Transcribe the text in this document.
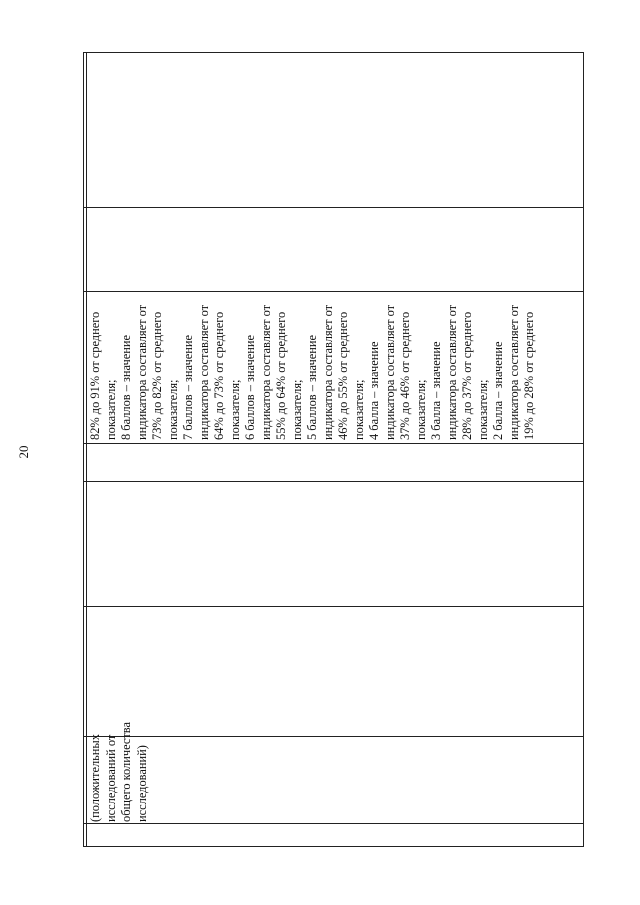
20
(положительных исследований от общего количества исследований)
82% до 91% от среднего показателя; 8 баллов – значение индикатора составляет от 73% до 82% от среднего показателя; 7 баллов – значение индикатора составляет от 64% до 73% от среднего показателя; 6 баллов – значение индикатора составляет от 55% до 64% от среднего показателя; 5 баллов – значение индикатора составляет от 46% до 55% от среднего показателя; 4 балла – значение индикатора составляет от 37% до 46% от среднего показателя; 3 балла – значение индикатора составляет от 28% до 37% от среднего показателя; 2 балла – значение индикатора составляет от 19% до 28% от среднего
